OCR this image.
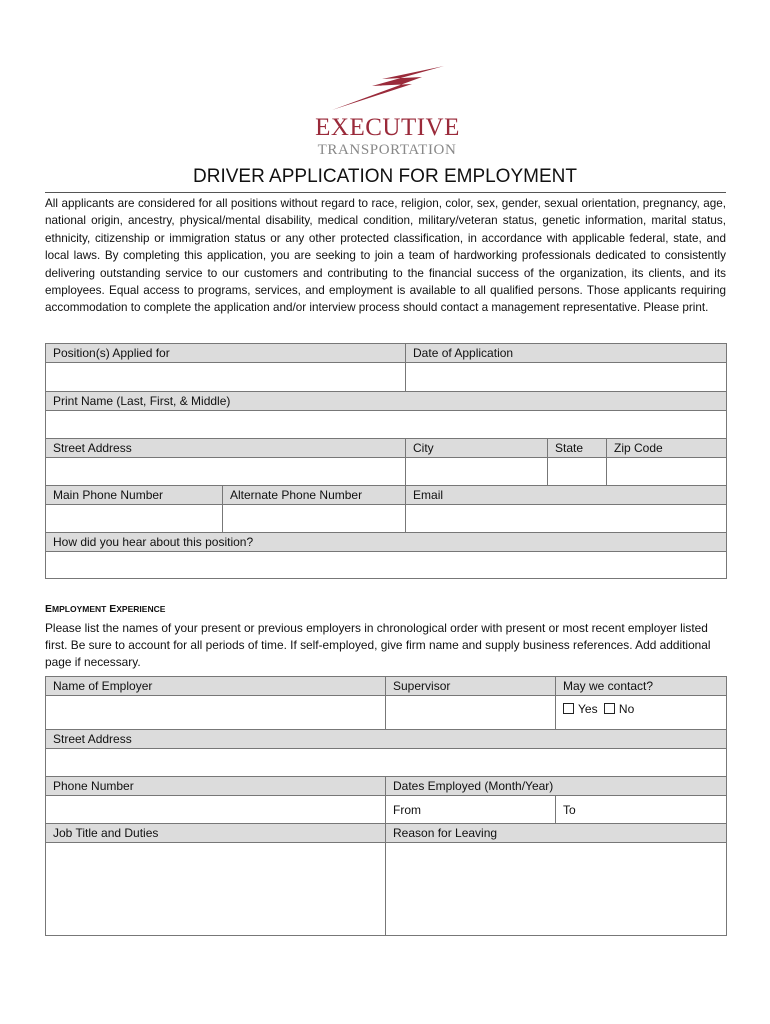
EXECUTIVE
TRANSPORTATION
DRIVER APPLICATION FOR EMPLOYMENT
All applicants are considered for all positions without regard to race, religion, color, sex, gender, sexual orientation, pregnancy, age, national origin, ancestry, physical/mental disability, medical condition, military/veteran status, genetic information, marital status, ethnicity, citizenship or immigration status or any other protected classification, in accordance with applicable federal, state, and local laws. By completing this application, you are seeking to join a team of hardworking professionals dedicated to consistently delivering outstanding service to our customers and contributing to the financial success of the organization, its clients, and its employees. Equal access to programs, services, and employment is available to all qualified persons. Those applicants requiring accommodation to complete the application and/or interview process should contact a management representative. Please print.
Position(s) Applied for		Date of Application		

Print Name (Last, First, & Middle)				

Street Address		City	State	Zip Code

Main Phone Number	Alternate Phone Number	Email		

How did you hear about this position?				

EMPLOYMENT EXPERIENCE
Please list the names of your present or previous employers in chronological order with present or most recent employer listed first. Be sure to account for all periods of time. If self-employed, give firm name and supply business references. Add additional page if necessary.
Name of Employer	Supervisor	May we contact?
		Yes No
Street Address		

Phone Number	Dates Employed (Month/Year)	
	From	To
Job Title and Duties	Reason for Leaving	
